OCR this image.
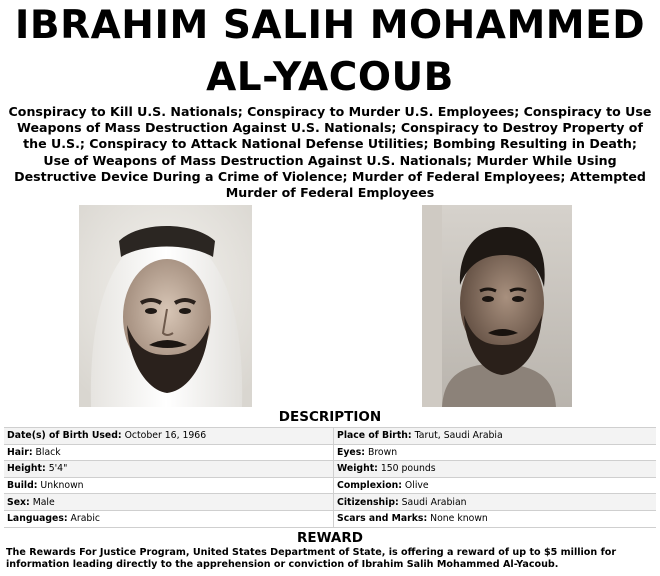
IBRAHIM SALIH MOHAMMED
AL-YACOUB
Conspiracy to Kill U.S. Nationals; Conspiracy to Murder U.S. Employees; Conspiracy to Use Weapons of Mass Destruction Against U.S. Nationals; Conspiracy to Destroy Property of the U.S.; Conspiracy to Attack National Defense Utilities; Bombing Resulting in Death; Use of Weapons of Mass Destruction Against U.S. Nationals; Murder While Using Destructive Device During a Crime of Violence; Murder of Federal Employees; Attempted Murder of Federal Employees
DESCRIPTION
Date(s) of Birth Used: October 16, 1966	Place of Birth: Tarut, Saudi Arabia
Hair: Black	Eyes: Brown
Height: 5'4"	Weight: 150 pounds
Build: Unknown	Complexion: Olive
Sex: Male	Citizenship: Saudi Arabian
Languages: Arabic	Scars and Marks: None known
REWARD
The Rewards For Justice Program, United States Department of State, is offering a reward of up to $5 million for information leading directly to the apprehension or conviction of Ibrahim Salih Mohammed Al-Yacoub.
